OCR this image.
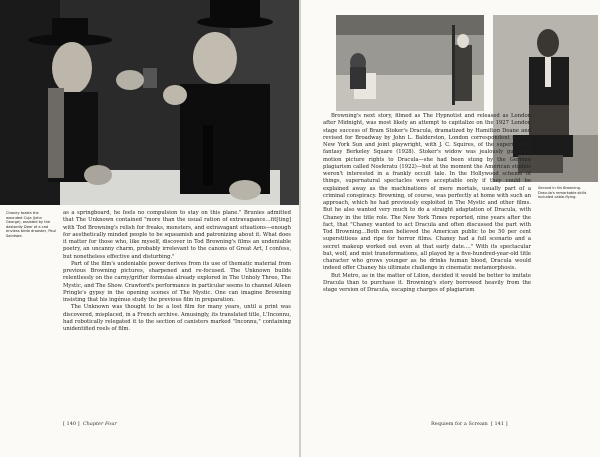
Chaney toasts the wounded Cuja (John George), assisted by the dastardly Dear of a cad enviess birdo droaster, Paul Saintsbe.

as a springboard, he feels no compulsion to stay on this plane." Brunies admitted that The Unknown contained "more than the usual ration of extravagance…fit[ting] with Tod Browning's relish for freaks, monsters, and extravagant situations—enough for aesthetically minded people to be squeamish and patronizing about it. What does it matter for those who, like myself, discover in Tod Browning's films an undeniable poetry, an uncanny charm, probably irrelevant to the canons of Great Art, I confess, but nonetheless effective and disturbing."

Part of the film's undeniable power derives from its use of thematic material from previous Browning pictures, sharpened and re-focused. The Unknown builds relentlessly on the carny/grifter formulas already explored in The Unholy Three, The Mystic, and The Show. Crawford's performance in particular seems to channel Aileen Pringle's gypsy in the opening scenes of The Mystic. One can imagine Browning insisting that his ingénue study the previous film in preparation.

The Unknown was thought to be a lost film for many years, until a print was discovered, misplaced, in a French archive. Amusingly, its translated title, L'Inconnu, had robotically relegated it to the section of canisters marked "Inconnu," containing unidentified reels of film.

[ 140 ] Chapter Four
Second in his Browning. Dracula's remarkable skills included cable-flying.

Browning's next story, filmed as The Hypnotist and released as London after Midnight, was most likely an attempt to capitalize on the 1927 London stage success of Bram Stoker's Dracula, dramatized by Hamilton Deane and revised for Broadway by John L. Balderston, London correspondent for the New York Sun and joint playwright, with J. C. Squires, of the supernatural fantasy Berkeley Square (1928). Stoker's widow was jealously guarding motion picture rights to Dracula—she had been stung by the German plagiarism called Nosferatu (1922)—but at the moment the American studios weren't interested in a frankly occult tale. In the Hollywood scheme of things, supernatural spectacles were acceptable only if they could be explained away as the machinations of mere mortals, usually part of a criminal conspiracy. Browning, of course, was perfectly at home with such an approach, which he had previously exploited in The Mystic and other films. But he also wanted very much to do a straight adaptation of Dracula, with Chaney in the title role. The New York Times reported, nine years after the fact, that "Chaney wanted to act Dracula and often discussed the part with Tod Browning…Both men believed the American public to be 50 per cent superstitious and ripe for horror films. Chaney had a full scenario and a secret makeup worked out even at that early date…." With its spectacular bat, wolf, and mist transformations, all played by a five-hundred-year-old title character who grows younger as he drinks human blood, Dracula would indeed offer Chaney his ultimate challenge in cinematic metamorphosis.

But Metro, as in the matter of Lilion, decided it would be better to imitate Dracula than to purchase it. Browning's story borrowed heavily from the stage version of Dracula, escaping charges of plagiarism

Requiem for a Scream [ 141 ]
